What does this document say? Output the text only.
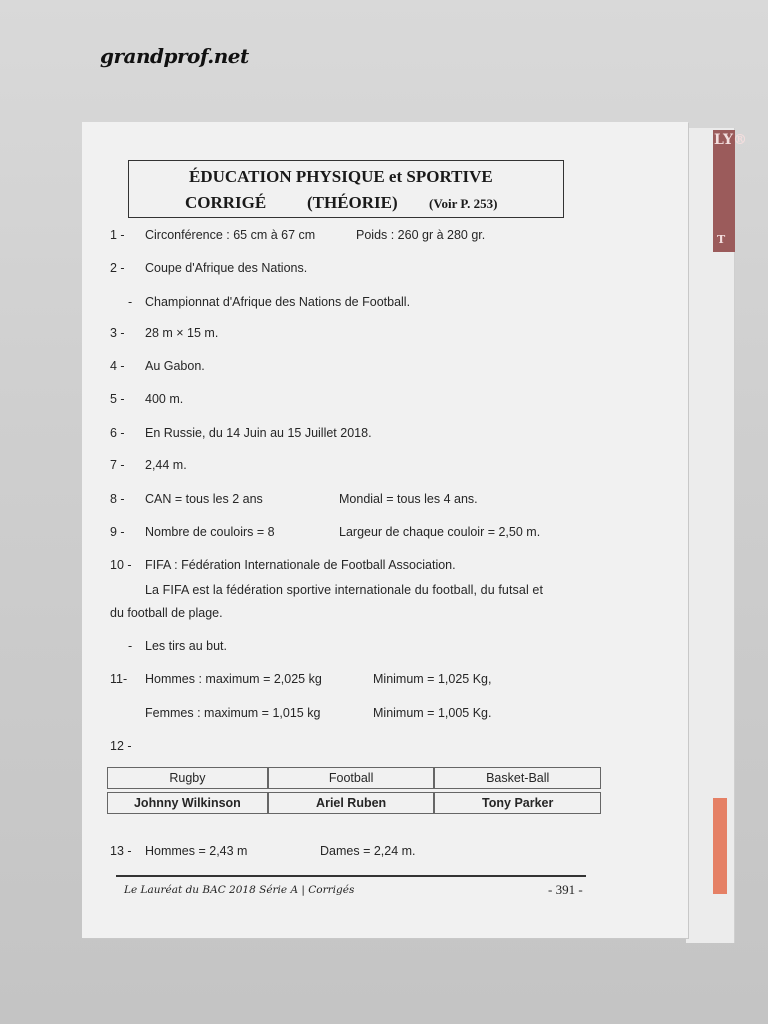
grandprof.net
LY®
T
ÉDUCATION PHYSIQUE et SPORTIVE
CORRIGÉ (THÉORIE) (Voir P. 253)
1 - Circonférence : 65 cm à 67 cm	Poids : 260 gr à 280 gr.
2 - Coupe d'Afrique des Nations.
- Championnat d'Afrique des Nations de Football.
3 - 28 m × 15 m.
4 - Au Gabon.
5 - 400 m.
6 - En Russie, du 14 Juin au 15 Juillet 2018.
7 - 2,44 m.
8 - CAN = tous les 2 ans	Mondial = tous les 4 ans.
9 - Nombre de couloirs = 8	Largeur de chaque couloir = 2,50 m.
10 - FIFA : Fédération Internationale de Football Association.
La FIFA est la fédération sportive internationale du football, du futsal et
du football de plage.
- Les tirs au but.
11- Hommes : maximum = 2,025 kg	Minimum = 1,025 Kg,
Femmes : maximum = 1,015 kg	Minimum = 1,005 Kg.
12 -
Rugby	Football	Basket-Ball
Johnny Wilkinson	Ariel Ruben	Tony Parker
13 - Hommes = 2,43 m	Dames = 2,24 m.
Le Lauréat du BAC 2018 Série A | Corrigés	- 391 -
